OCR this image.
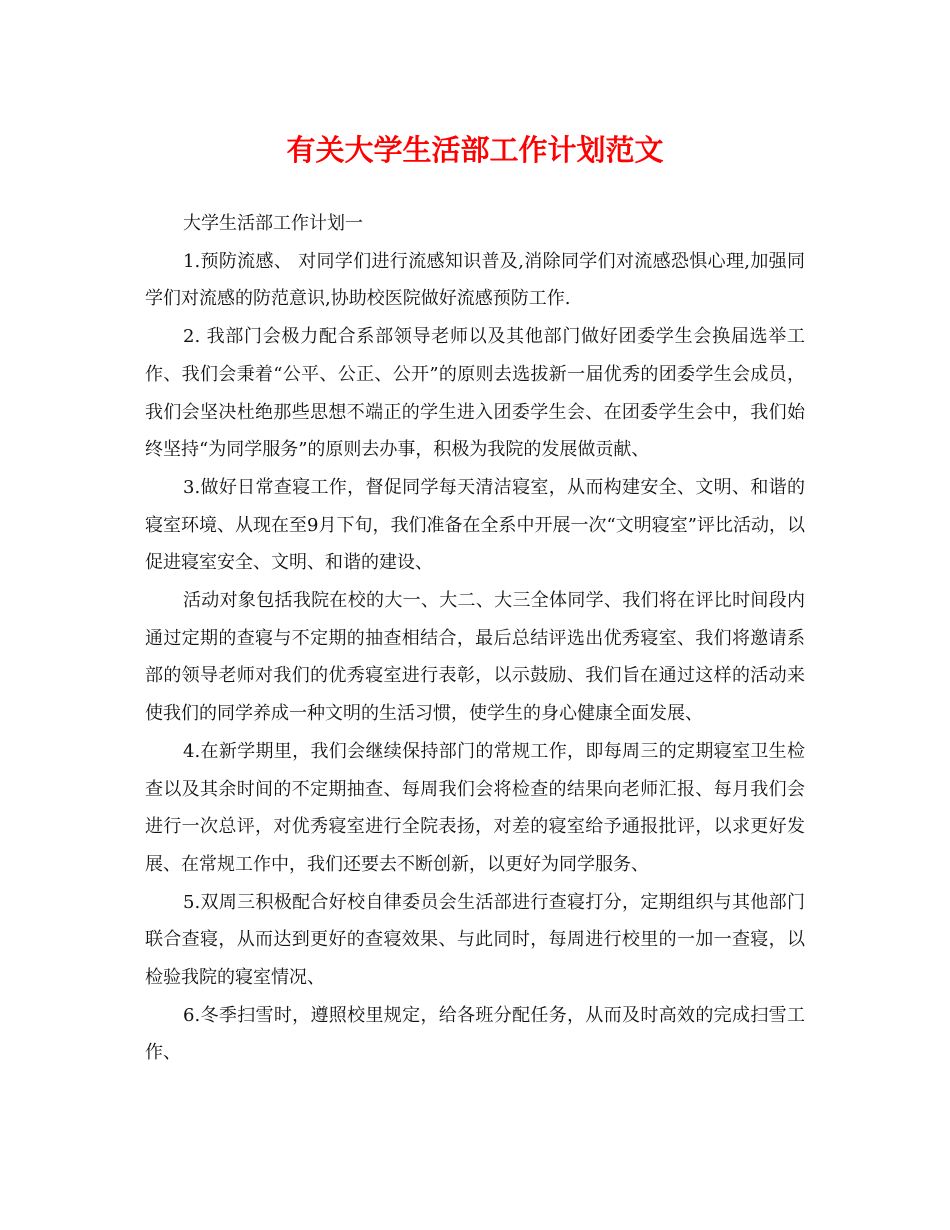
有关大学生活部工作计划范文

大学生活部工作计划一

1.预防流感、 对同学们进行流感知识普及,消除同学们对流感恐惧心理,加强同学们对流感的防范意识,协助校医院做好流感预防工作.

2. 我部门会极力配合系部领导老师以及其他部门做好团委学生会换届选举工作、我们会秉着“公平、公正、公开”的原则去选拔新一届优秀的团委学生会成员，我们会坚决杜绝那些思想不端正的学生进入团委学生会、在团委学生会中，我们始终坚持“为同学服务”的原则去办事，积极为我院的发展做贡献、

3.做好日常查寝工作，督促同学每天清洁寝室，从而构建安全、文明、和谐的寝室环境、从现在至9月下旬，我们准备在全系中开展一次“文明寝室”评比活动，以促进寝室安全、文明、和谐的建设、

活动对象包括我院在校的大一、大二、大三全体同学、我们将在评比时间段内通过定期的查寝与不定期的抽查相结合，最后总结评选出优秀寝室、我们将邀请系部的领导老师对我们的优秀寝室进行表彰，以示鼓励、我们旨在通过这样的活动来使我们的同学养成一种文明的生活习惯，使学生的身心健康全面发展、

4.在新学期里，我们会继续保持部门的常规工作，即每周三的定期寝室卫生检查以及其余时间的不定期抽查、每周我们会将检查的结果向老师汇报、每月我们会进行一次总评，对优秀寝室进行全院表扬，对差的寝室给予通报批评，以求更好发展、在常规工作中，我们还要去不断创新，以更好为同学服务、

5.双周三积极配合好校自律委员会生活部进行查寝打分，定期组织与其他部门联合查寝，从而达到更好的查寝效果、与此同时，每周进行校里的一加一查寝，以检验我院的寝室情况、

6.冬季扫雪时，遵照校里规定，给各班分配任务，从而及时高效的完成扫雪工作、
